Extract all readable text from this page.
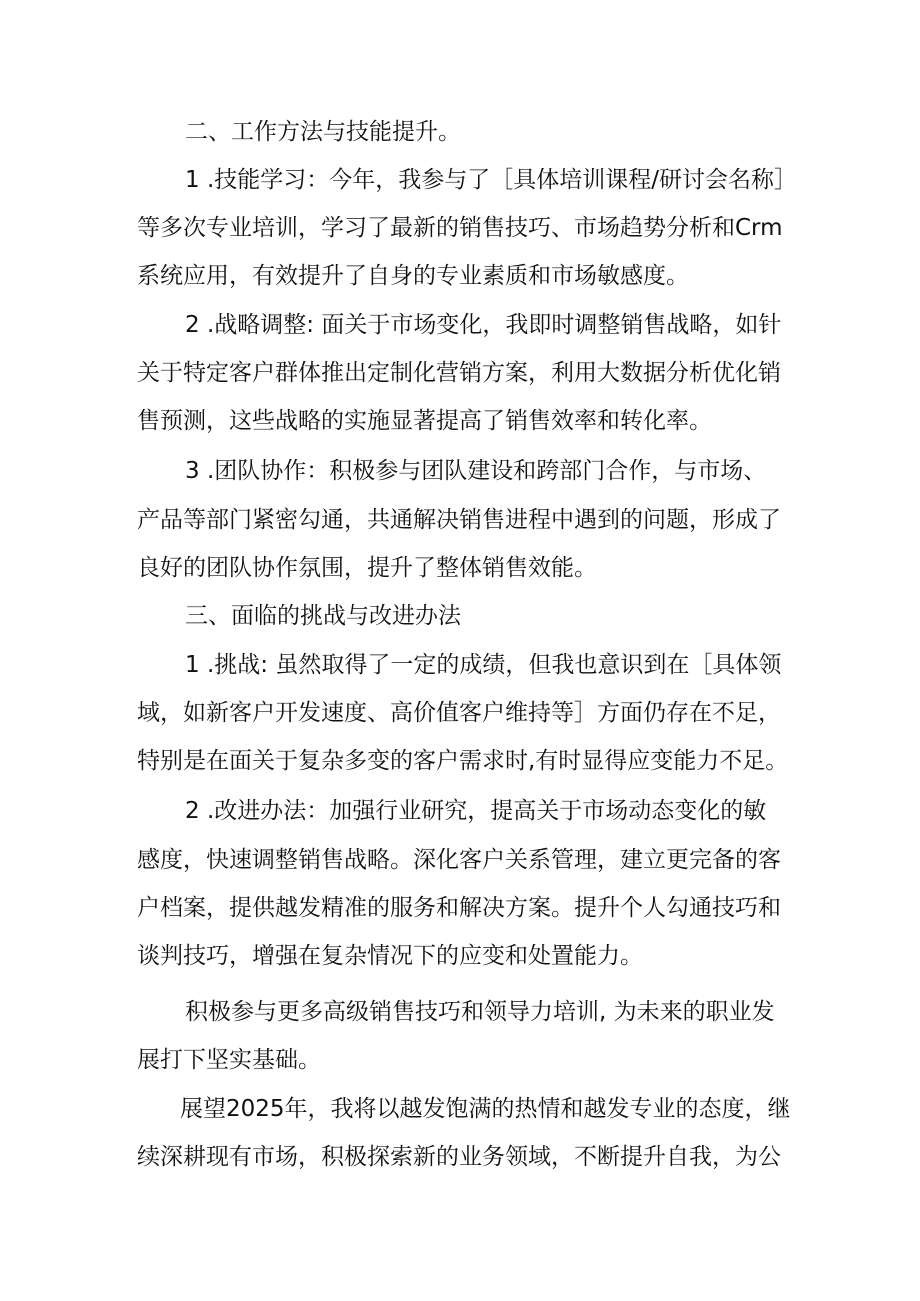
二、工作方法与技能提升。
1 .技能学习：今年，我参与了［具体培训课程/研讨会名称］
等多次专业培训，学习了最新的销售技巧、市场趋势分析和Crm
系统应用，有效提升了自身的专业素质和市场敏感度。
2 .战略调整: 面关于市场变化，我即时调整销售战略，如针
关于特定客户群体推出定制化营销方案，利用大数据分析优化销
售预测，这些战略的实施显著提高了销售效率和转化率。
3 .团队协作：积极参与团队建设和跨部门合作，与市场、
产品等部门紧密勾通，共通解决销售进程中遇到的问题，形成了
良好的团队协作氛围，提升了整体销售效能。
三、面临的挑战与改进办法
1 .挑战: 虽然取得了一定的成绩，但我也意识到在［具体领
域，如新客户开发速度、高价值客户维持等］方面仍存在不足，
特别是在面关于复杂多变的客户需求时,有时显得应变能力不足。
2 .改进办法：加强行业研究，提高关于市场动态变化的敏
感度，快速调整销售战略。深化客户关系管理，建立更完备的客
户档案，提供越发精准的服务和解决方案。提升个人勾通技巧和
谈判技巧，增强在复杂情况下的应变和处置能力。
积极参与更多高级销售技巧和领导力培训, 为未来的职业发
展打下坚实基础。
展望2025年，我将以越发饱满的热情和越发专业的态度，继
续深耕现有市场，积极探索新的业务领域，不断提升自我，为公
